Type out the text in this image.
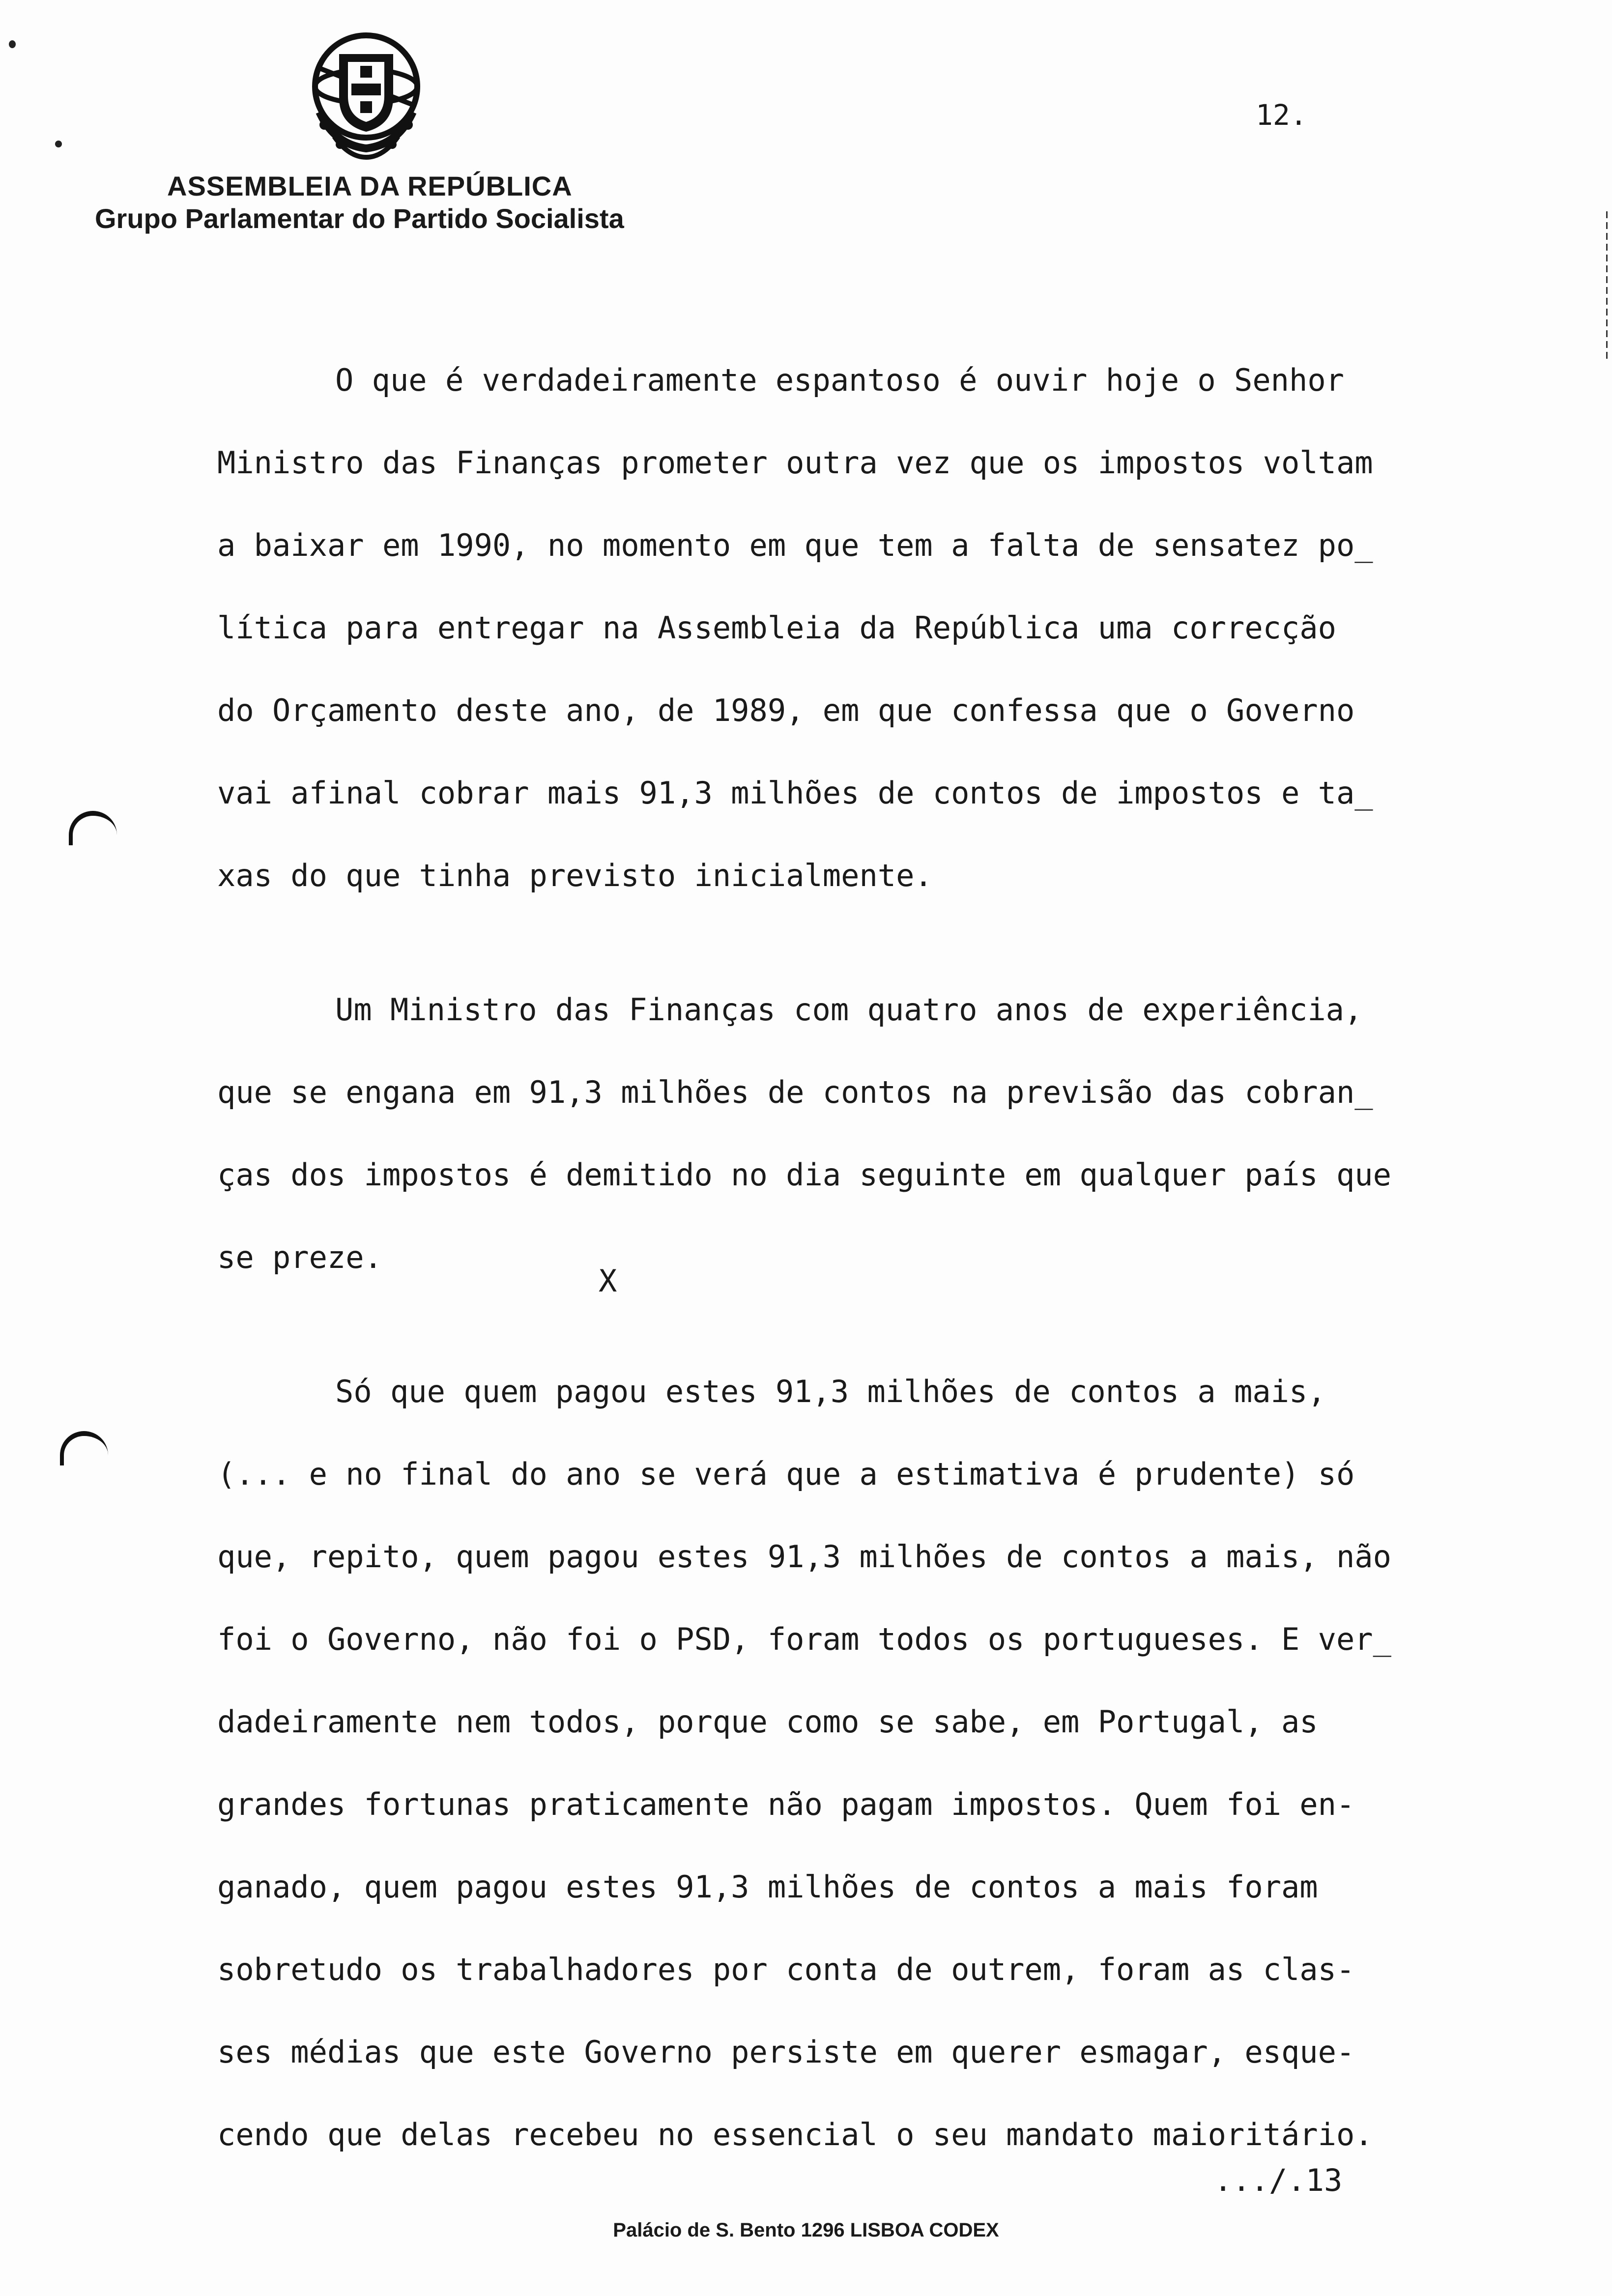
ASSEMBLEIA DA REPÚBLICA
Grupo Parlamentar do Partido Socialista
12.

O que é verdadeiramente espantoso é ouvir hoje o Senhor

Ministro das Finanças prometer outra vez que os impostos voltam

a baixar em 1990, no momento em que tem a falta de sensatez po̲

lítica para entregar na Assembleia da República uma correcção

do Orçamento deste ano, de 1989, em que confessa que o Governo

vai afinal cobrar mais 91,3 milhões de contos de impostos e ta̲

xas do que tinha previsto inicialmente.

Um Ministro das Finanças com quatro anos de experiência,

que se engana em 91,3 milhões de contos na previsão das cobran̲

ças dos impostos é demitido no dia seguinte em qualquer país que

se preze.

Só que quem pagou estes 91,3 milhões de contos a mais,

(... e no final do ano se verá que a estimativa é prudente) só

que, repito, quem pagou estes 91,3 milhões de contos a mais, não

foi o Governo, não foi o PSD, foram todos os portugueses. E ver̲

dadeiramente nem todos, porque como se sabe, em Portugal, as

grandes fortunas praticamente não pagam impostos. Quem foi en-

ganado, quem pagou estes 91,3 milhões de contos a mais foram

sobretudo os trabalhadores por conta de outrem, foram as clas-

ses médias que este Governo persiste em querer esmagar, esque-

cendo que delas recebeu no essencial o seu mandato maioritário.

X
.../.13
Palácio de S. Bento 1296 LISBOA CODEX
